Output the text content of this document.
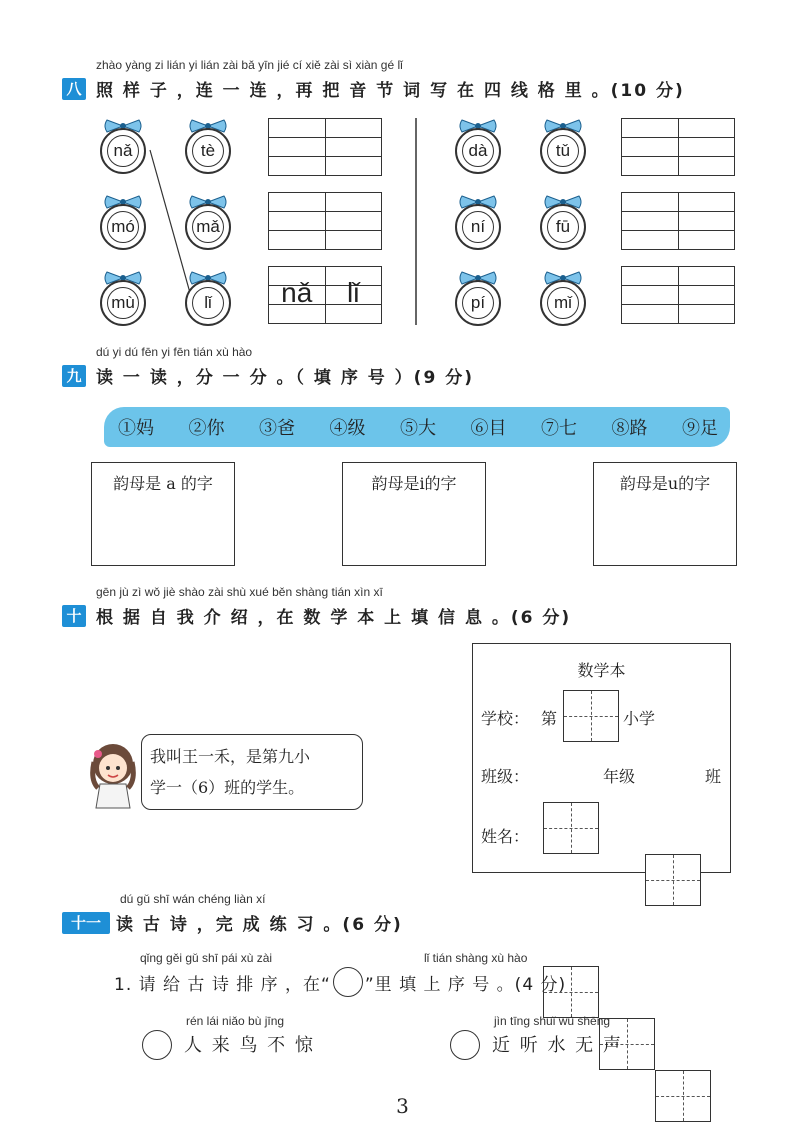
zhào yàng zi lián yi lián zài bǎ yīn jié cí xiě zài sì xiàn gé lǐ
八 照 样 子 ，连 一 连 ，再 把 音 节 词 写 在 四 线 格 里 。(10 分)
nǎ	tè
mó	mǎ
mù	lǐ	nǎ	lǐ
dà	tǔ
ní	fū
pí	mǐ
dú yi dú fēn yi fēn tián xù hào
九 读 一 读 ，分 一 分 。（ 填 序 号 ）(9 分)
①妈 ②你 ③爸 ④级 ⑤大 ⑥目 ⑦七 ⑧路 ⑨足
韵母是 a 的字	韵母是i的字	韵母是u的字
gēn jù zì wǒ jiè shào zài shù xué běn shàng tián xìn xī
十 根 据 自 我 介 绍 ，在 数 学 本 上 填 信 息 。(6 分)
我叫王一禾，是第九小
学一（6）班的学生。
数学本
学校： 第	小学
班级：	年级	班
姓名：
dú gǔ shī wán chéng liàn xí
十一 读 古 诗 ，完 成 练 习 。(6 分)
qǐng gěi gǔ shī pái xù zài	lǐ tián shàng xù hào
1. 请 给 古 诗 排 序 ，在“ ”里 填 上 序 号 。(4 分)
rén lái niǎo bù jīng
人 来 鸟 不 惊
jìn tīng shuǐ wú shēng
近 听 水 无 声
3
